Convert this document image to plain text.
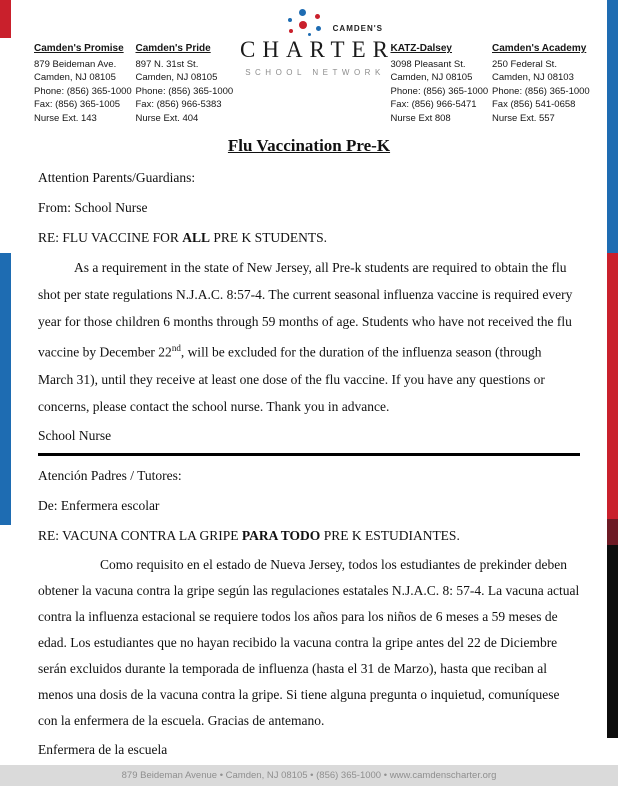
Camden's Promise
879 Beideman Ave.
Camden, NJ 08105
Phone: (856) 365-1000
Fax: (856) 365-1005
Nurse Ext. 143
Camden's Pride
897 N. 31st St.
Camden, NJ 08105
Phone: (856) 365-1000
Fax: (856) 966-5383
Nurse Ext. 404
CAMDEN'S
CHARTER
SCHOOL NETWORK
KATZ-Dalsey
3098 Pleasant St.
Camden, NJ 08105
Phone: (856) 365-1000
Fax: (856) 966-5471
Nurse Ext 808
Camden's Academy
250 Federal St.
Camden, NJ 08103
Phone: (856) 365-1000
Fax (856) 541-0658
Nurse Ext. 557
Flu Vaccination Pre-K

Attention Parents/Guardians:

From: School Nurse

RE: FLU VACCINE FOR ALL PRE K STUDENTS.

As a requirement in the state of New Jersey, all Pre-k students are required to obtain the flu shot per state regulations N.J.A.C. 8:57-4. The current seasonal influenza vaccine is required every year for those children 6 months through 59 months of age. Students who have not received the flu vaccine by December 22nd, will be excluded for the duration of the influenza season (through March 31), until they receive at least one dose of the flu vaccine. If you have any questions or concerns, please contact the school nurse. Thank you in advance.

School Nurse

Atención Padres / Tutores:

De: Enfermera escolar

RE: VACUNA CONTRA LA GRIPE PARA TODO PRE K ESTUDIANTES.

Como requisito en el estado de Nueva Jersey, todos los estudiantes de prekinder deben obtener la vacuna contra la gripe según las regulaciones estatales N.J.A.C. 8: 57-4. La vacuna actual contra la influenza estacional se requiere todos los años para los niños de 6 meses a 59 meses de edad. Los estudiantes que no hayan recibido la vacuna contra la gripe antes del 22 de Diciembre serán excluidos durante la temporada de influenza (hasta el 31 de Marzo), hasta que reciban al menos una dosis de la vacuna contra la gripe. Si tiene alguna pregunta o inquietud, comuníquese con la enfermera de la escuela. Gracias de antemano.

Enfermera de la escuela

879 Beideman Avenue • Camden, NJ 08105 • (856) 365-1000 • www.camdenscharter.org
